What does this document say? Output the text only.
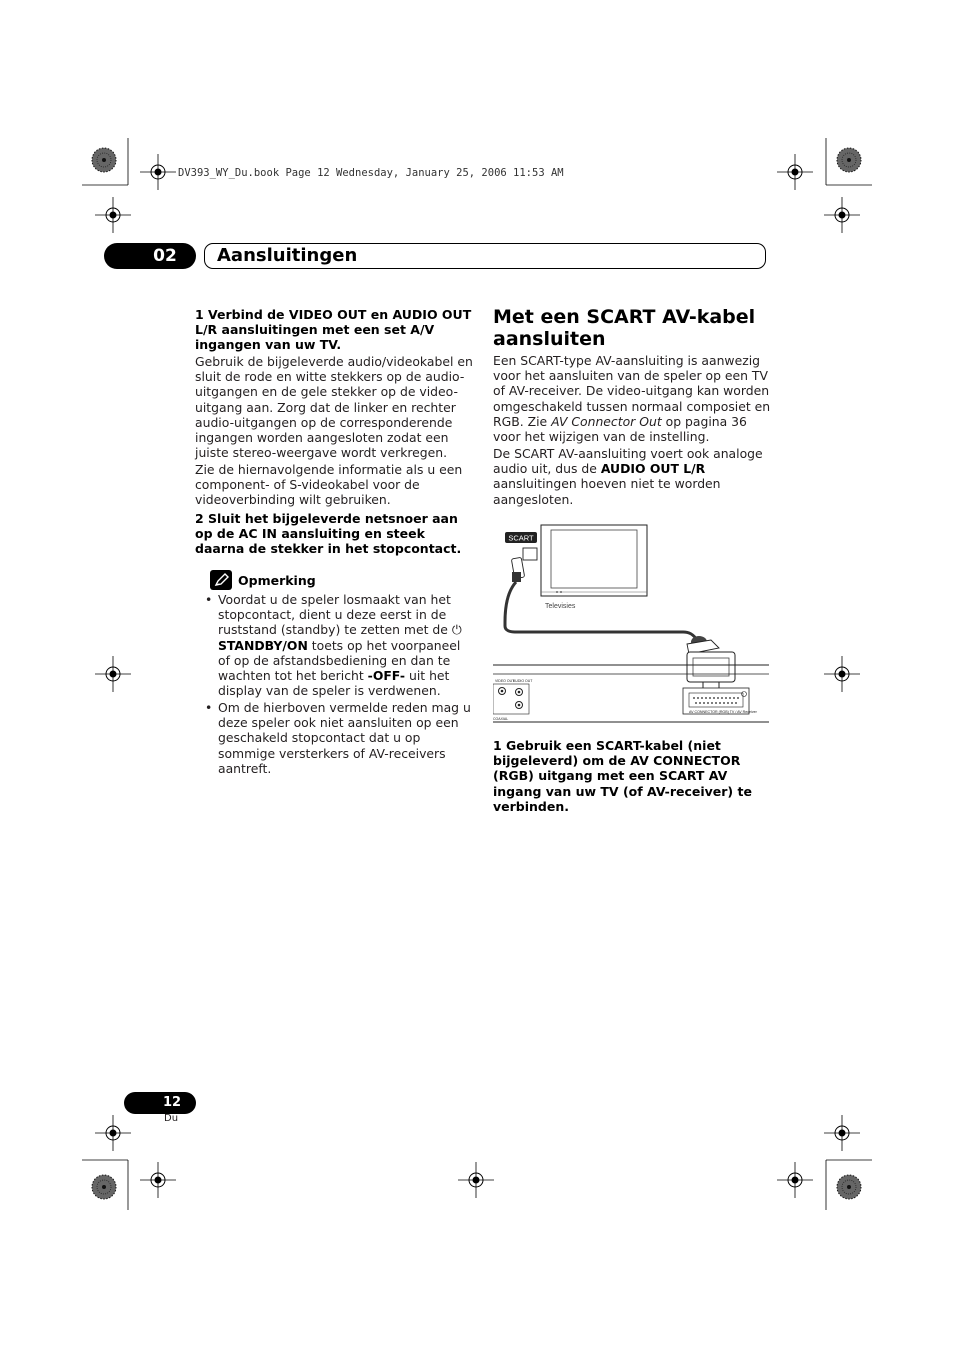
DV393_WY_Du.book Page 12 Wednesday, January 25, 2006 11:53 AM
02	Aansluitingen
1 Verbind de VIDEO OUT en AUDIO OUT L/R aansluitingen met een set A/V ingangen van uw TV.
Gebruik de bijgeleverde audio/videokabel en sluit de rode en witte stekkers op de audio-uitgangen en de gele stekker op de video-uitgang aan. Zorg dat de linker en rechter audio-uitgangen op de corresponderende ingangen worden aangesloten zodat een juiste stereo-weergave wordt verkregen.
Zie de hiernavolgende informatie als u een component- of S-videokabel voor de videoverbinding wilt gebruiken.
2 Sluit het bijgeleverde netsnoer aan op de AC IN aansluiting en steek daarna de stekker in het stopcontact.
Opmerking
• Voordat u de speler losmaakt van het stopcontact, dient u deze eerst in de ruststand (standby) te zetten met de ⏻
STANDBY/ON toets op het voorpaneel of op de afstandsbediening en dan te wachten tot het bericht -OFF- uit het display van de speler is verdwenen.
• Om de hierboven vermelde reden mag u deze speler ook niet aansluiten op een geschakeld stopcontact dat u op sommige versterkers of AV-receivers aantreft.
Met een SCART AV-kabel aansluiten
Een SCART-type AV-aansluiting is aanwezig voor het aansluiten van de speler op een TV of AV-receiver. De video-uitgang kan worden omgeschakeld tussen normaal composiet en RGB. Zie AV Connector Out op pagina 36 voor het wijzigen van de instelling.
De SCART AV-aansluiting voert ook analoge audio uit, dus de AUDIO OUT L/R aansluitingen hoeven niet te worden aangesloten.
SCART
Televisies
VIDEO OUT
AUDIO OUT
COAXIAL
AV CONNECTOR (RGB) TV / AV Receiver
1 Gebruik een SCART-kabel (niet bijgeleverd) om de AV CONNECTOR (RGB) uitgang met een SCART AV ingang van uw TV (of AV-receiver) te verbinden.
12
Du
